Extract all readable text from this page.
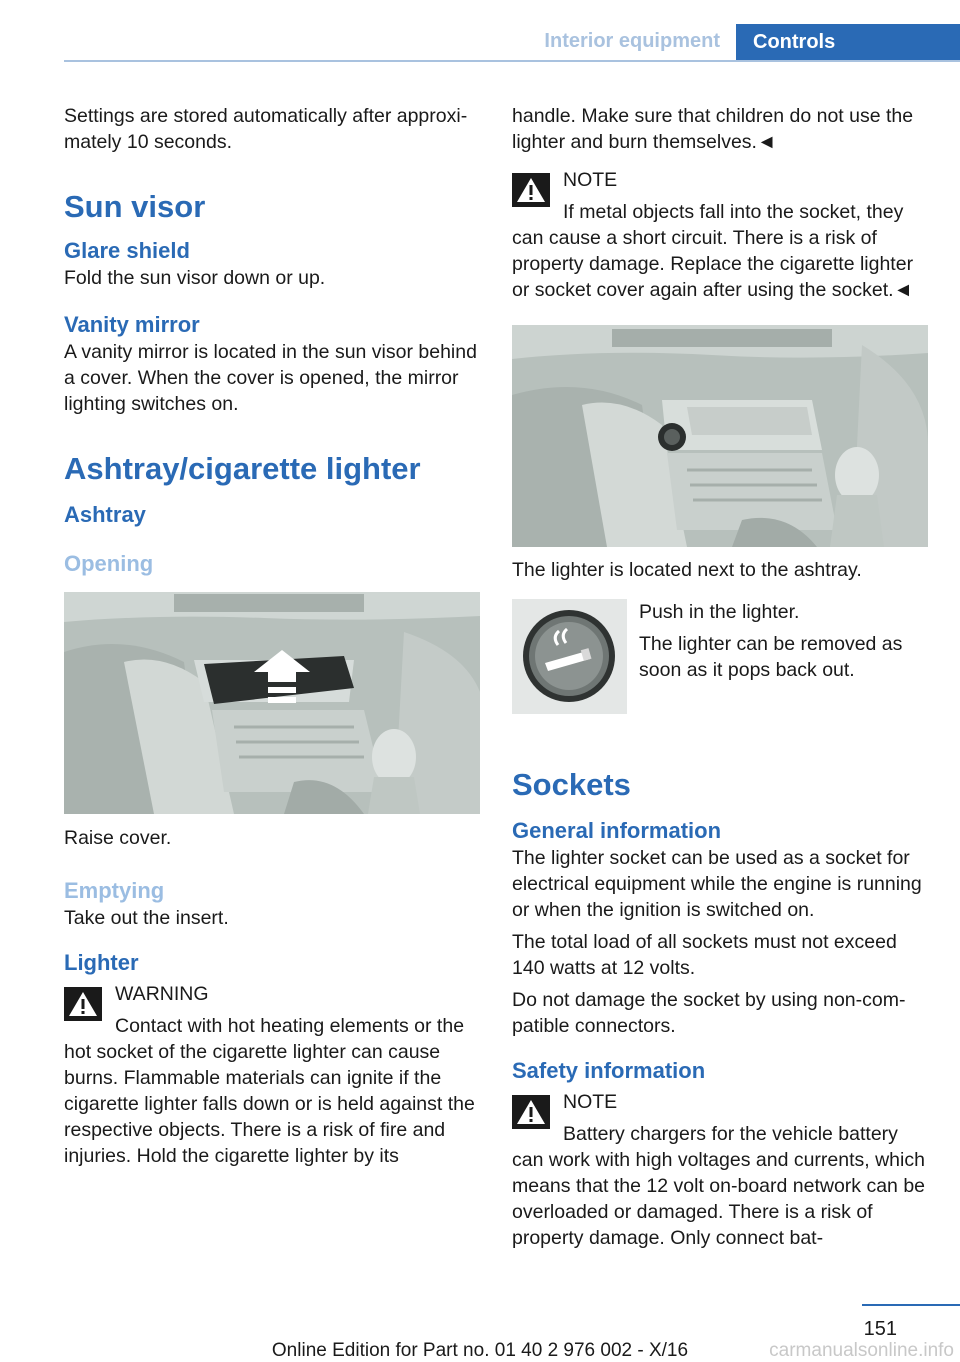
Interior equipment	Controls

Settings are stored automatically after approximately 10 seconds.

Sun visor
Glare shield

Fold the sun visor down or up.

Vanity mirror

A vanity mirror is located in the sun visor behind a cover. When the cover is opened, the mirror lighting switches on.

Ashtray/cigarette lighter
Ashtray
Opening

Raise cover.

Emptying

Take out the insert.

Lighter

WARNING

Contact with hot heating elements or the

hot socket of the cigarette lighter can cause burns. Flammable materials can ignite if the cigarette lighter falls down or is held against the respective objects. There is a risk of fire and injuries. Hold the cigarette lighter by its

handle. Make sure that children do not use the lighter and burn themselves.◄

NOTE

If metal objects fall into the socket, they

can cause a short circuit. There is a risk of property damage. Replace the cigarette lighter or socket cover again after using the socket.◄

The lighter is located next to the ashtray.

Push in the lighter.

The lighter can be removed as soon as it pops back out.

Sockets
General information

The lighter socket can be used as a socket for electrical equipment while the engine is running or when the ignition is switched on.

The total load of all sockets must not exceed 140 watts at 12 volts.

Do not damage the socket by using non-compatible connectors.

Safety information

NOTE

Battery chargers for the vehicle battery

can work with high voltages and currents, which means that the 12 volt on-board network can be overloaded or damaged. There is a risk of property damage. Only connect bat-

151
Online Edition for Part no. 01 40 2 976 002 - X/16	carmanualsonline.info
